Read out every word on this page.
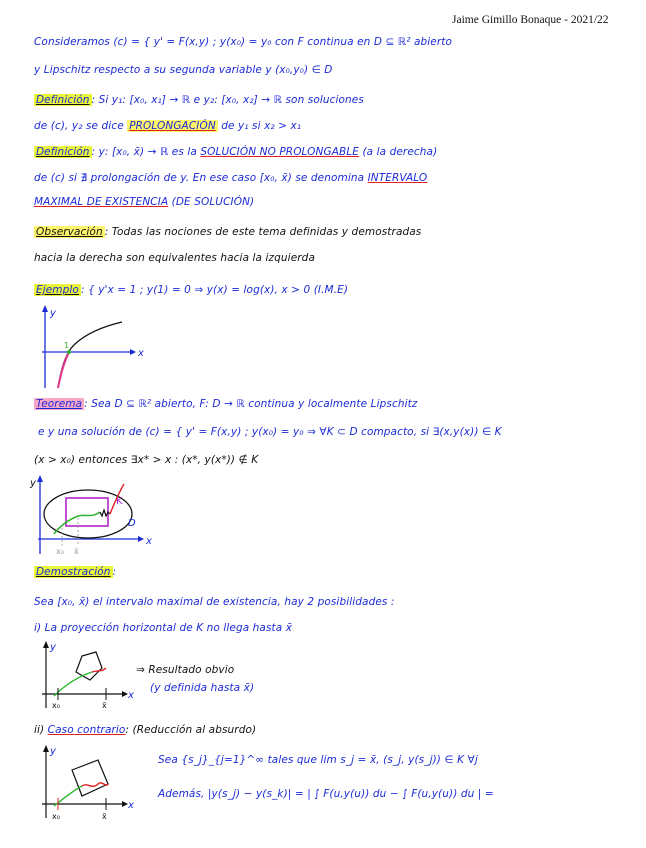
Jaime Gimillo Bonaque - 2021/22
Consideramos (c) = { y' = F(x,y) ; y(x₀) = y₀ con F continua en D ⊆ ℝ² abierto
y Lipschitz respecto a su segunda variable y (x₀,y₀) ∈ D
Definición : Si y₁: [x₀, x₁] → ℝ e y₂: [x₀, x₂] → ℝ son soluciones
de (c), y₂ se dice PROLONGACIÓN de y₁ si x₂ > x₁
Definición : y: [x₀, x̄) → ℝ es la SOLUCIÓN NO PROLONGABLE (a la derecha)
de (c) si ∄ prolongación de y. En ese caso [x₀, x̄) se denomina INTERVALO
MAXIMAL DE EXISTENCIA (DE SOLUCIÓN)
Observación : Todas las nociones de este tema definidas y demostradas
hacia la derecha son equivalentes hacia la izquierda
Ejemplo : { y'x = 1 ; y(1) = 0 ⇒ y(x) = log(x), x > 0 (I.M.E)
1
y
x
Teorema : Sea D ⊆ ℝ² abierto, F: D → ℝ continua y localmente Lipschitz
e y una solución de (c) = { y' = F(x,y) ; y(x₀) = y₀ ⇒ ∀K ⊂ D compacto, si ∃(x,y(x)) ∈ K
(x > x₀) entonces ∃x* > x : (x*, y(x*)) ∉ K
K
D
y
x
x₀ x̄
Demostración :
Sea [x₀, x̄) el intervalo maximal de existencia, hay 2 posibilidades :
i) La proyección horizontal de K no llega hasta x̄
y
x
x₀	x̄
⇒ Resultado obvio
(y definida hasta x̄)
ii) Caso contrario: (Reducción al absurdo)
y
x
x₀	x̄
Sea {s_j}_{j=1}^∞ tales que lim s_j = x̄, (s_j, y(s_j)) ∈ K ∀j
Además, |y(s_j) − y(s_k)| = | ∫ F(u,y(u)) du − ∫ F(u,y(u)) du | =
